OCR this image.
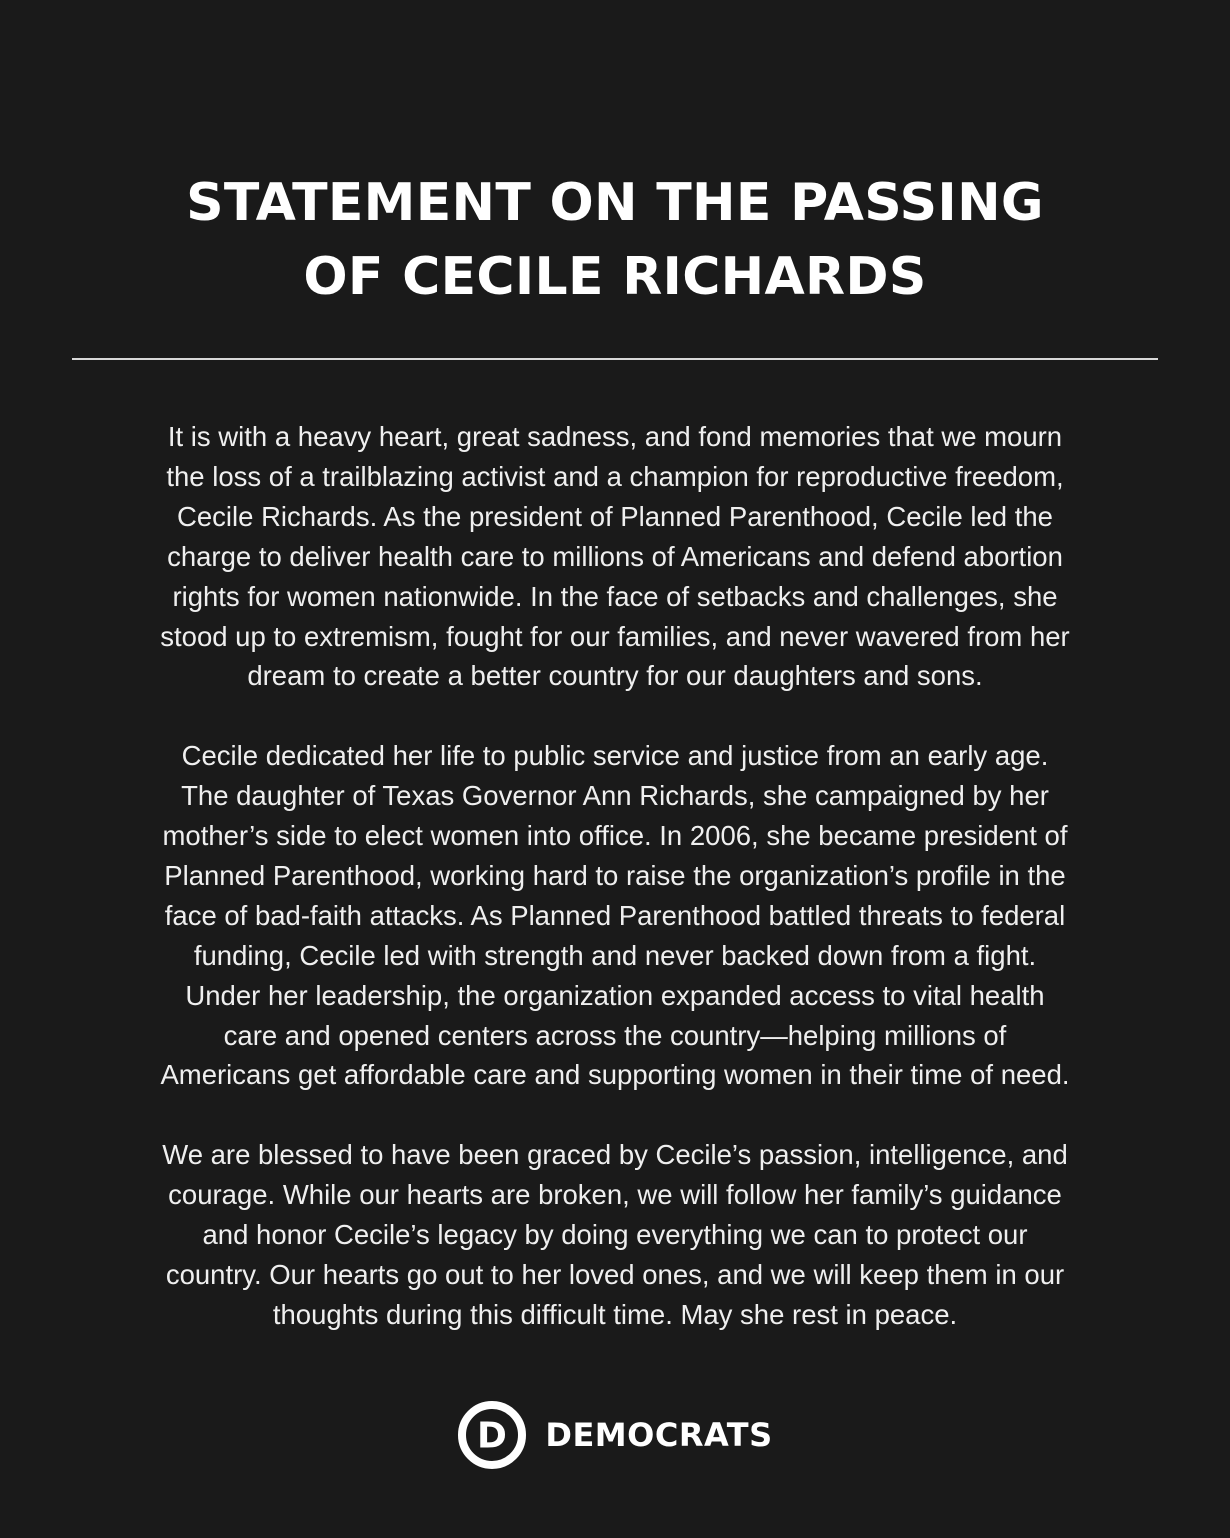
STATEMENT ON THE PASSING
OF CECILE RICHARDS

It is with a heavy heart, great sadness, and fond memories that we mourn
the loss of a trailblazing activist and a champion for reproductive freedom,
Cecile Richards. As the president of Planned Parenthood, Cecile led the
charge to deliver health care to millions of Americans and defend abortion
rights for women nationwide. In the face of setbacks and challenges, she
stood up to extremism, fought for our families, and never wavered from her
dream to create a better country for our daughters and sons.

Cecile dedicated her life to public service and justice from an early age.
The daughter of Texas Governor Ann Richards, she campaigned by her
mother’s side to elect women into office. In 2006, she became president of
Planned Parenthood, working hard to raise the organization’s profile in the
face of bad-faith attacks. As Planned Parenthood battled threats to federal
funding, Cecile led with strength and never backed down from a fight.
Under her leadership, the organization expanded access to vital health
care and opened centers across the country—helping millions of
Americans get affordable care and supporting women in their time of need.

We are blessed to have been graced by Cecile’s passion, intelligence, and
courage. While our hearts are broken, we will follow her family’s guidance
and honor Cecile’s legacy by doing everything we can to protect our
country. Our hearts go out to her loved ones, and we will keep them in our
thoughts during this difficult time. May she rest in peace.

D DEMOCRATS
